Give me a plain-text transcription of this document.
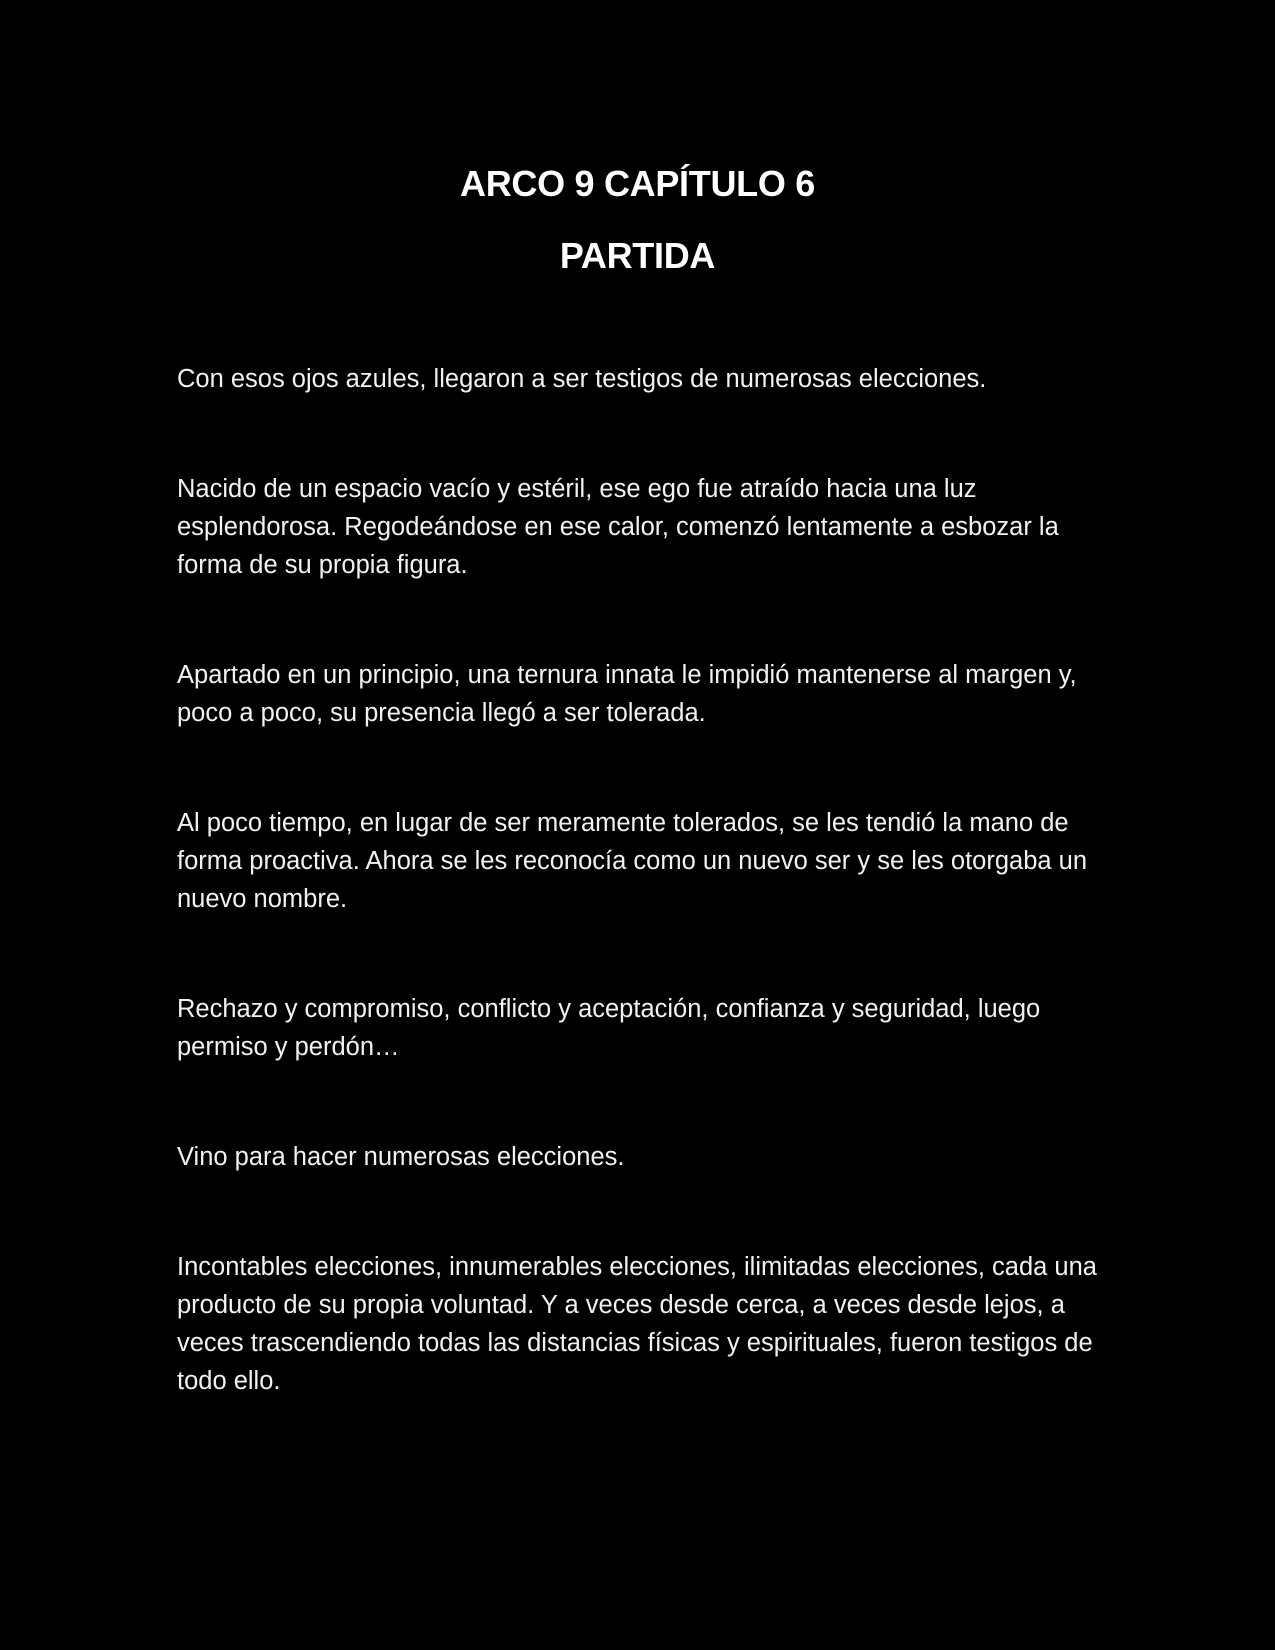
ARCO 9 CAPÍTULO 6
PARTIDA

Con esos ojos azules, llegaron a ser testigos de numerosas elecciones.

Nacido de un espacio vacío y estéril, ese ego fue atraído hacia una luz esplendorosa. Regodeándose en ese calor, comenzó lentamente a esbozar la forma de su propia figura.

Apartado en un principio, una ternura innata le impidió mantenerse al margen y, poco a poco, su presencia llegó a ser tolerada.

Al poco tiempo, en lugar de ser meramente tolerados, se les tendió la mano de forma proactiva. Ahora se les reconocía como un nuevo ser y se les otorgaba un nuevo nombre.

Rechazo y compromiso, conflicto y aceptación, confianza y seguridad, luego permiso y perdón…

Vino para hacer numerosas elecciones.

Incontables elecciones, innumerables elecciones, ilimitadas elecciones, cada una producto de su propia voluntad. Y a veces desde cerca, a veces desde lejos, a veces trascendiendo todas las distancias físicas y espirituales, fueron testigos de todo ello.
